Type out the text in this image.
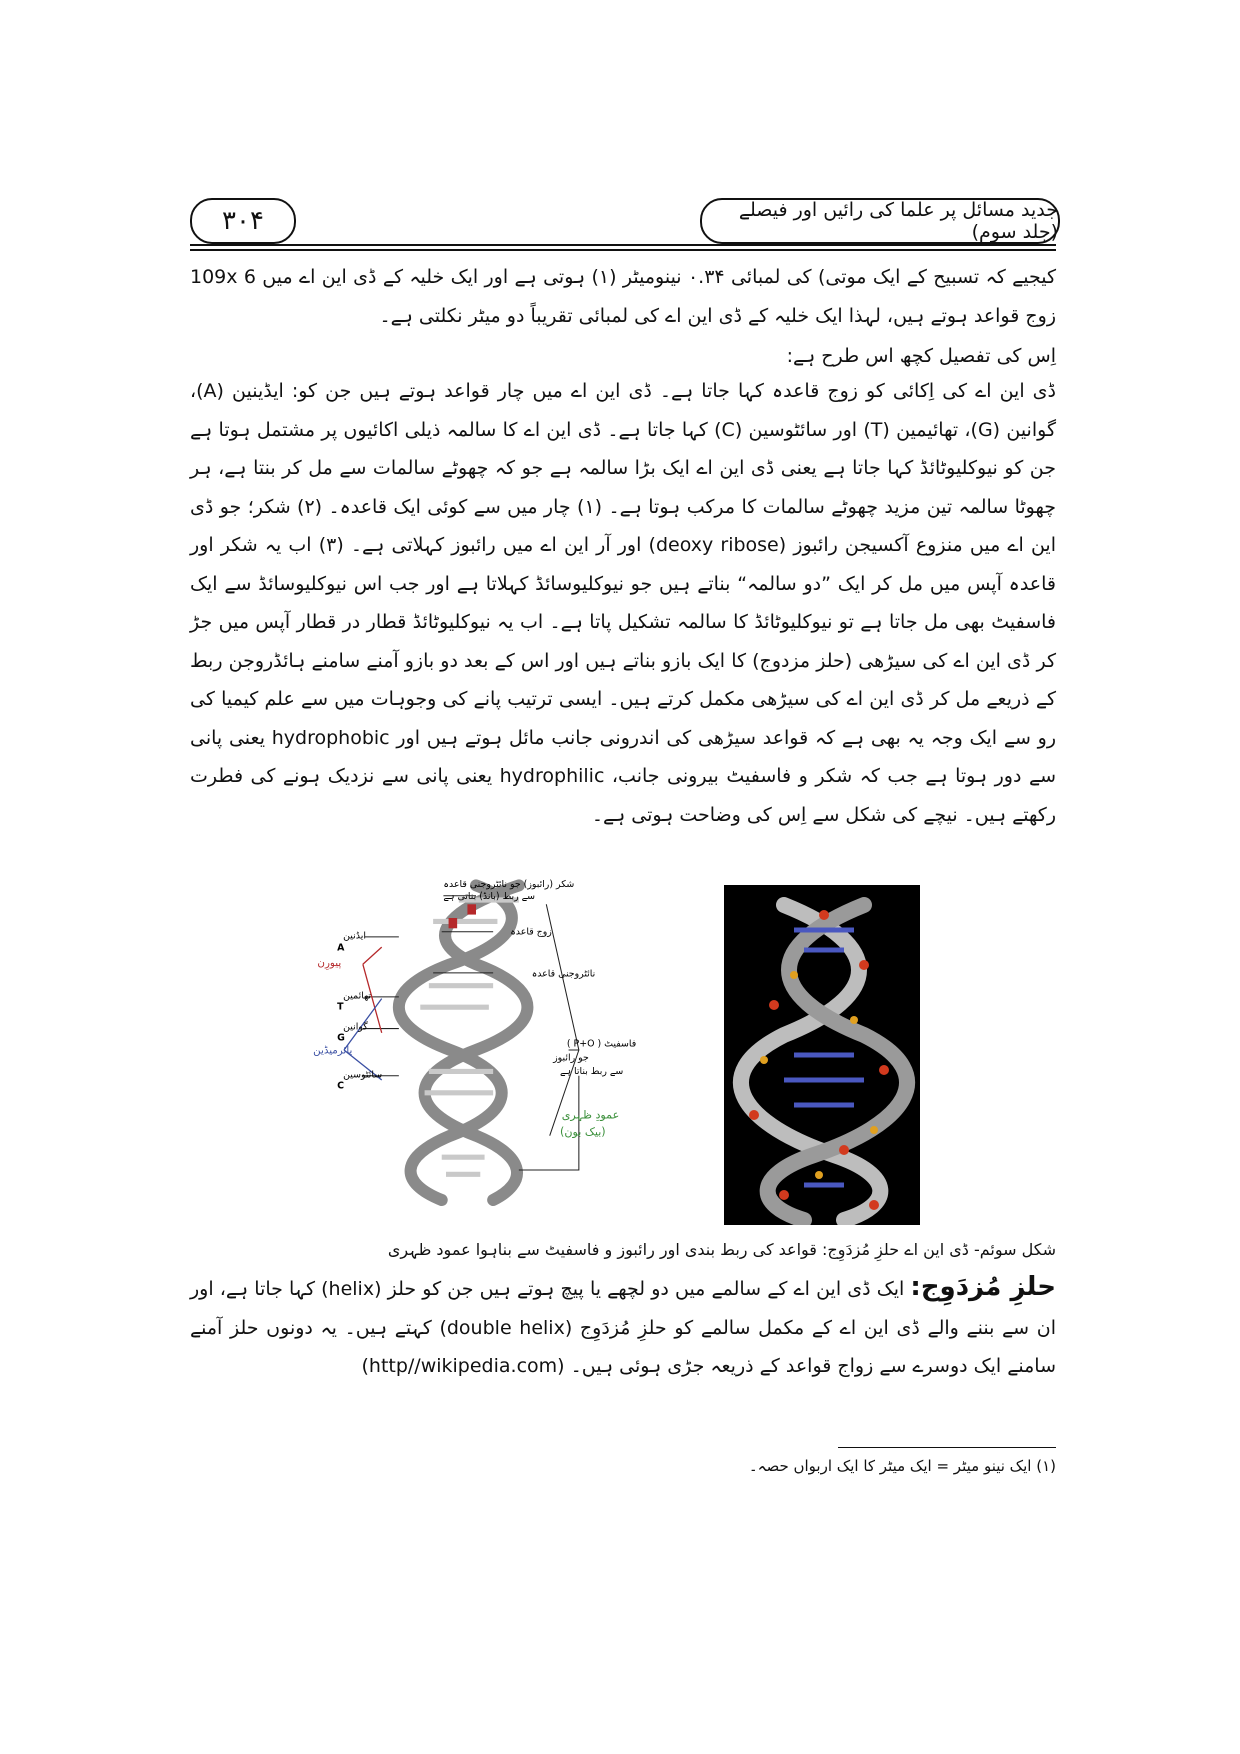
۳۰۴	جدید مسائل پر علما کی رائیں اور فیصلے (جلد سوم)
کیجیے کہ تسبیح کے ایک موتی) کی لمبائی ۰.۳۴ نینومیٹر (۱) ہوتی ہے اور ایک خلیہ کے ڈی این اے میں 109x 6 زوج قواعد ہوتے ہیں، لہذا ایک خلیہ کے ڈی این اے کی لمبائی تقریباً دو میٹر نکلتی ہے۔
اِس کی تفصیل کچھ اس طرح ہے:
ڈی این اے کی اِکائی کو زوج قاعدہ کہا جاتا ہے۔ ڈی این اے میں چار قواعد ہوتے ہیں جن کو: ایڈینین (A)، گوانین (G)، تھائیمین (T) اور سائٹوسین (C) کہا جاتا ہے۔ ڈی این اے کا سالمہ ذیلی اکائیوں پر مشتمل ہوتا ہے جن کو نیوکلیوٹائڈ کہا جاتا ہے یعنی ڈی این اے ایک بڑا سالمہ ہے جو کہ چھوٹے سالمات سے مل کر بنتا ہے، ہر چھوٹا سالمہ تین مزید چھوٹے سالمات کا مرکب ہوتا ہے۔ (۱) چار میں سے کوئی ایک قاعدہ۔ (۲) شکر؛ جو ڈی این اے میں منزوع آکسیجن رائبوز (deoxy ribose) اور آر این اے میں رائبوز کہلاتی ہے۔ (۳) اب یہ شکر اور قاعدہ آپس میں مل کر ایک ”دو سالمہ“ بناتے ہیں جو نیوکلیوسائڈ کہلاتا ہے اور جب اس نیوکلیوسائڈ سے ایک فاسفیٹ بھی مل جاتا ہے تو نیوکلیوٹائڈ کا سالمہ تشکیل پاتا ہے۔ اب یہ نیوکلیوٹائڈ قطار در قطار آپس میں جڑ کر ڈی این اے کی سیڑھی (حلز مزدوج) کا ایک بازو بناتے ہیں اور اس کے بعد دو بازو آمنے سامنے ہائڈروجن ربط کے ذریعے مل کر ڈی این اے کی سیڑھی مکمل کرتے ہیں۔ ایسی ترتیب پانے کی وجوہات میں سے علم کیمیا کی رو سے ایک وجہ یہ بھی ہے کہ قواعد سیڑھی کی اندرونی جانب مائل ہوتے ہیں اور hydrophobic یعنی پانی سے دور ہوتا ہے جب کہ شکر و فاسفیٹ بیرونی جانب، hydrophilic یعنی پانی سے نزدیک ہونے کی فطرت رکھتے ہیں۔ نیچے کی شکل سے اِس کی وضاحت ہوتی ہے۔
شکر (رائبوز) جو نائٹروجنی قاعدہ
سے ربط (بانڈ) بناتی ہے
زوج قاعدہ
نائٹروجنی قاعدہ
ایڈنین
A
پیورِن
تھائمین
T
گوانین
G
پائرمیڈین
سائٹوسین
C
فاسفیٹ ( P+O )
جو رائبوز
سے ربط بناتا ہے
عمودِ ظہری
(بیک بون)
شکل سوئم- ڈی این اے حلزِ مُزدَوِج: قواعد کی ربط بندی اور رائبوز و فاسفیٹ سے بناہوا عمود ظہری
حلزِ مُزدَوِج: ایک ڈی این اے کے سالمے میں دو لچھے یا پیچ ہوتے ہیں جن کو حلز (helix) کہا جاتا ہے، اور ان سے بننے والے ڈی این اے کے مکمل سالمے کو حلزِ مُزدَوِج (double helix) کہتے ہیں۔ یہ دونوں حلز آمنے سامنے ایک دوسرے سے زواج قواعد کے ذریعہ جڑی ہوئی ہیں۔ (http//wikipedia.com)
(۱) ایک نینو میٹر = ایک میٹر کا ایک اربواں حصہ۔
